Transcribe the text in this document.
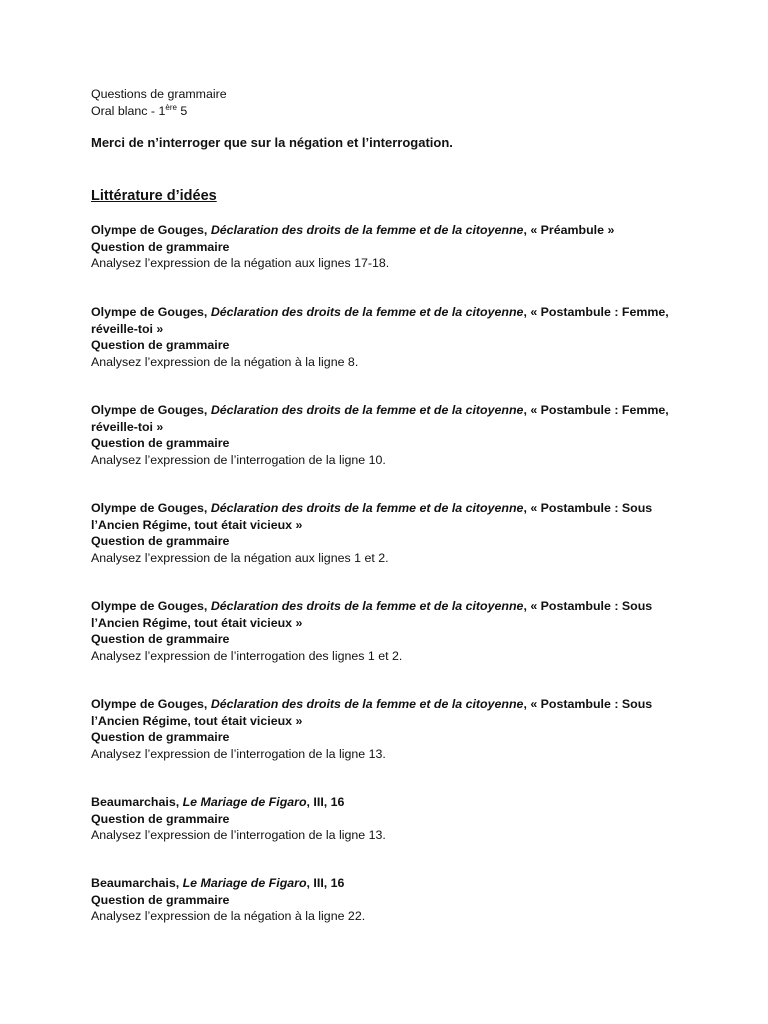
Questions de grammaire
Oral blanc - 1ère 5
Merci de n’interroger que sur la négation et l’interrogation.
Littérature d’idées
Olympe de Gouges, Déclaration des droits de la femme et de la citoyenne, « Préambule »
Question de grammaire
Analysez l’expression de la négation aux lignes 17-18.
Olympe de Gouges, Déclaration des droits de la femme et de la citoyenne, « Postambule : Femme,
réveille-toi »
Question de grammaire
Analysez l’expression de la négation à la ligne 8.
Olympe de Gouges, Déclaration des droits de la femme et de la citoyenne, « Postambule : Femme,
réveille-toi »
Question de grammaire
Analysez l’expression de l’interrogation de la ligne 10.
Olympe de Gouges, Déclaration des droits de la femme et de la citoyenne, « Postambule : Sous
l’Ancien Régime, tout était vicieux »
Question de grammaire
Analysez l’expression de la négation aux lignes 1 et 2.
Olympe de Gouges, Déclaration des droits de la femme et de la citoyenne, « Postambule : Sous
l’Ancien Régime, tout était vicieux »
Question de grammaire
Analysez l’expression de l’interrogation des lignes 1 et 2.
Olympe de Gouges, Déclaration des droits de la femme et de la citoyenne, « Postambule : Sous
l’Ancien Régime, tout était vicieux »
Question de grammaire
Analysez l’expression de l’interrogation de la ligne 13.
Beaumarchais, Le Mariage de Figaro, III, 16
Question de grammaire
Analysez l’expression de l’interrogation de la ligne 13.
Beaumarchais, Le Mariage de Figaro, III, 16
Question de grammaire
Analysez l’expression de la négation à la ligne 22.
